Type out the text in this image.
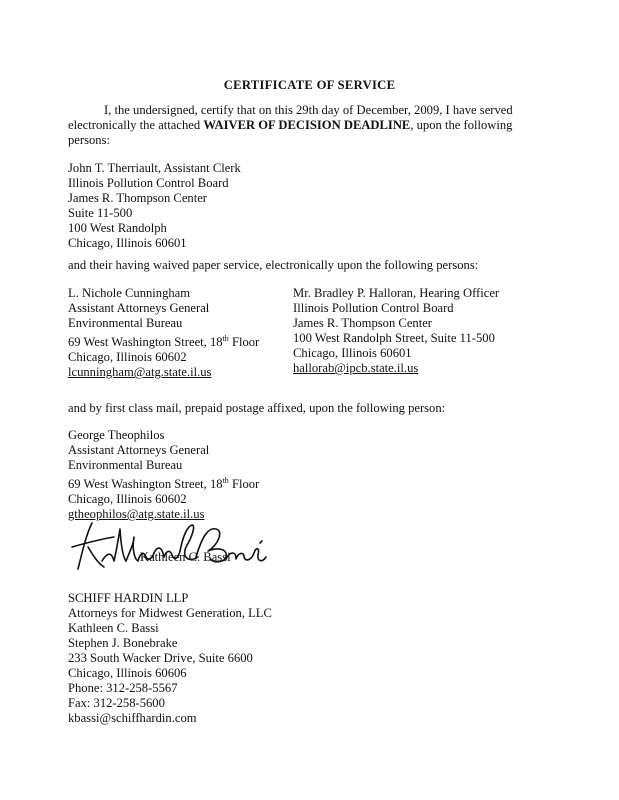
CERTIFICATE OF SERVICE

I, the undersigned, certify that on this 29th day of December, 2009, I have served electronically the attached WAIVER OF DECISION DEADLINE, upon the following persons:

John T. Therriault, Assistant Clerk
Illinois Pollution Control Board
James R. Thompson Center
Suite 11-500
100 West Randolph
Chicago, Illinois 60601
and their having waived paper service, electronically upon the following persons:
L. Nichole Cunningham
Assistant Attorneys General
Environmental Bureau
69 West Washington Street, 18th Floor
Chicago, Illinois 60602
lcunningham@atg.state.il.us
Mr. Bradley P. Halloran, Hearing Officer
Illinois Pollution Control Board
James R. Thompson Center
100 West Randolph Street, Suite 11-500
Chicago, Illinois 60601
hallorab@ipcb.state.il.us
and by first class mail, prepaid postage affixed, upon the following person:
George Theophilos
Assistant Attorneys General
Environmental Bureau
69 West Washington Street, 18th Floor
Chicago, Illinois 60602
gtheophilos@atg.state.il.us
Kathleen C. Bassi
SCHIFF HARDIN LLP
Attorneys for Midwest Generation, LLC
Kathleen C. Bassi
Stephen J. Bonebrake
233 South Wacker Drive, Suite 6600
Chicago, Illinois 60606
Phone: 312-258-5567
Fax: 312-258-5600
kbassi@schiffhardin.com
